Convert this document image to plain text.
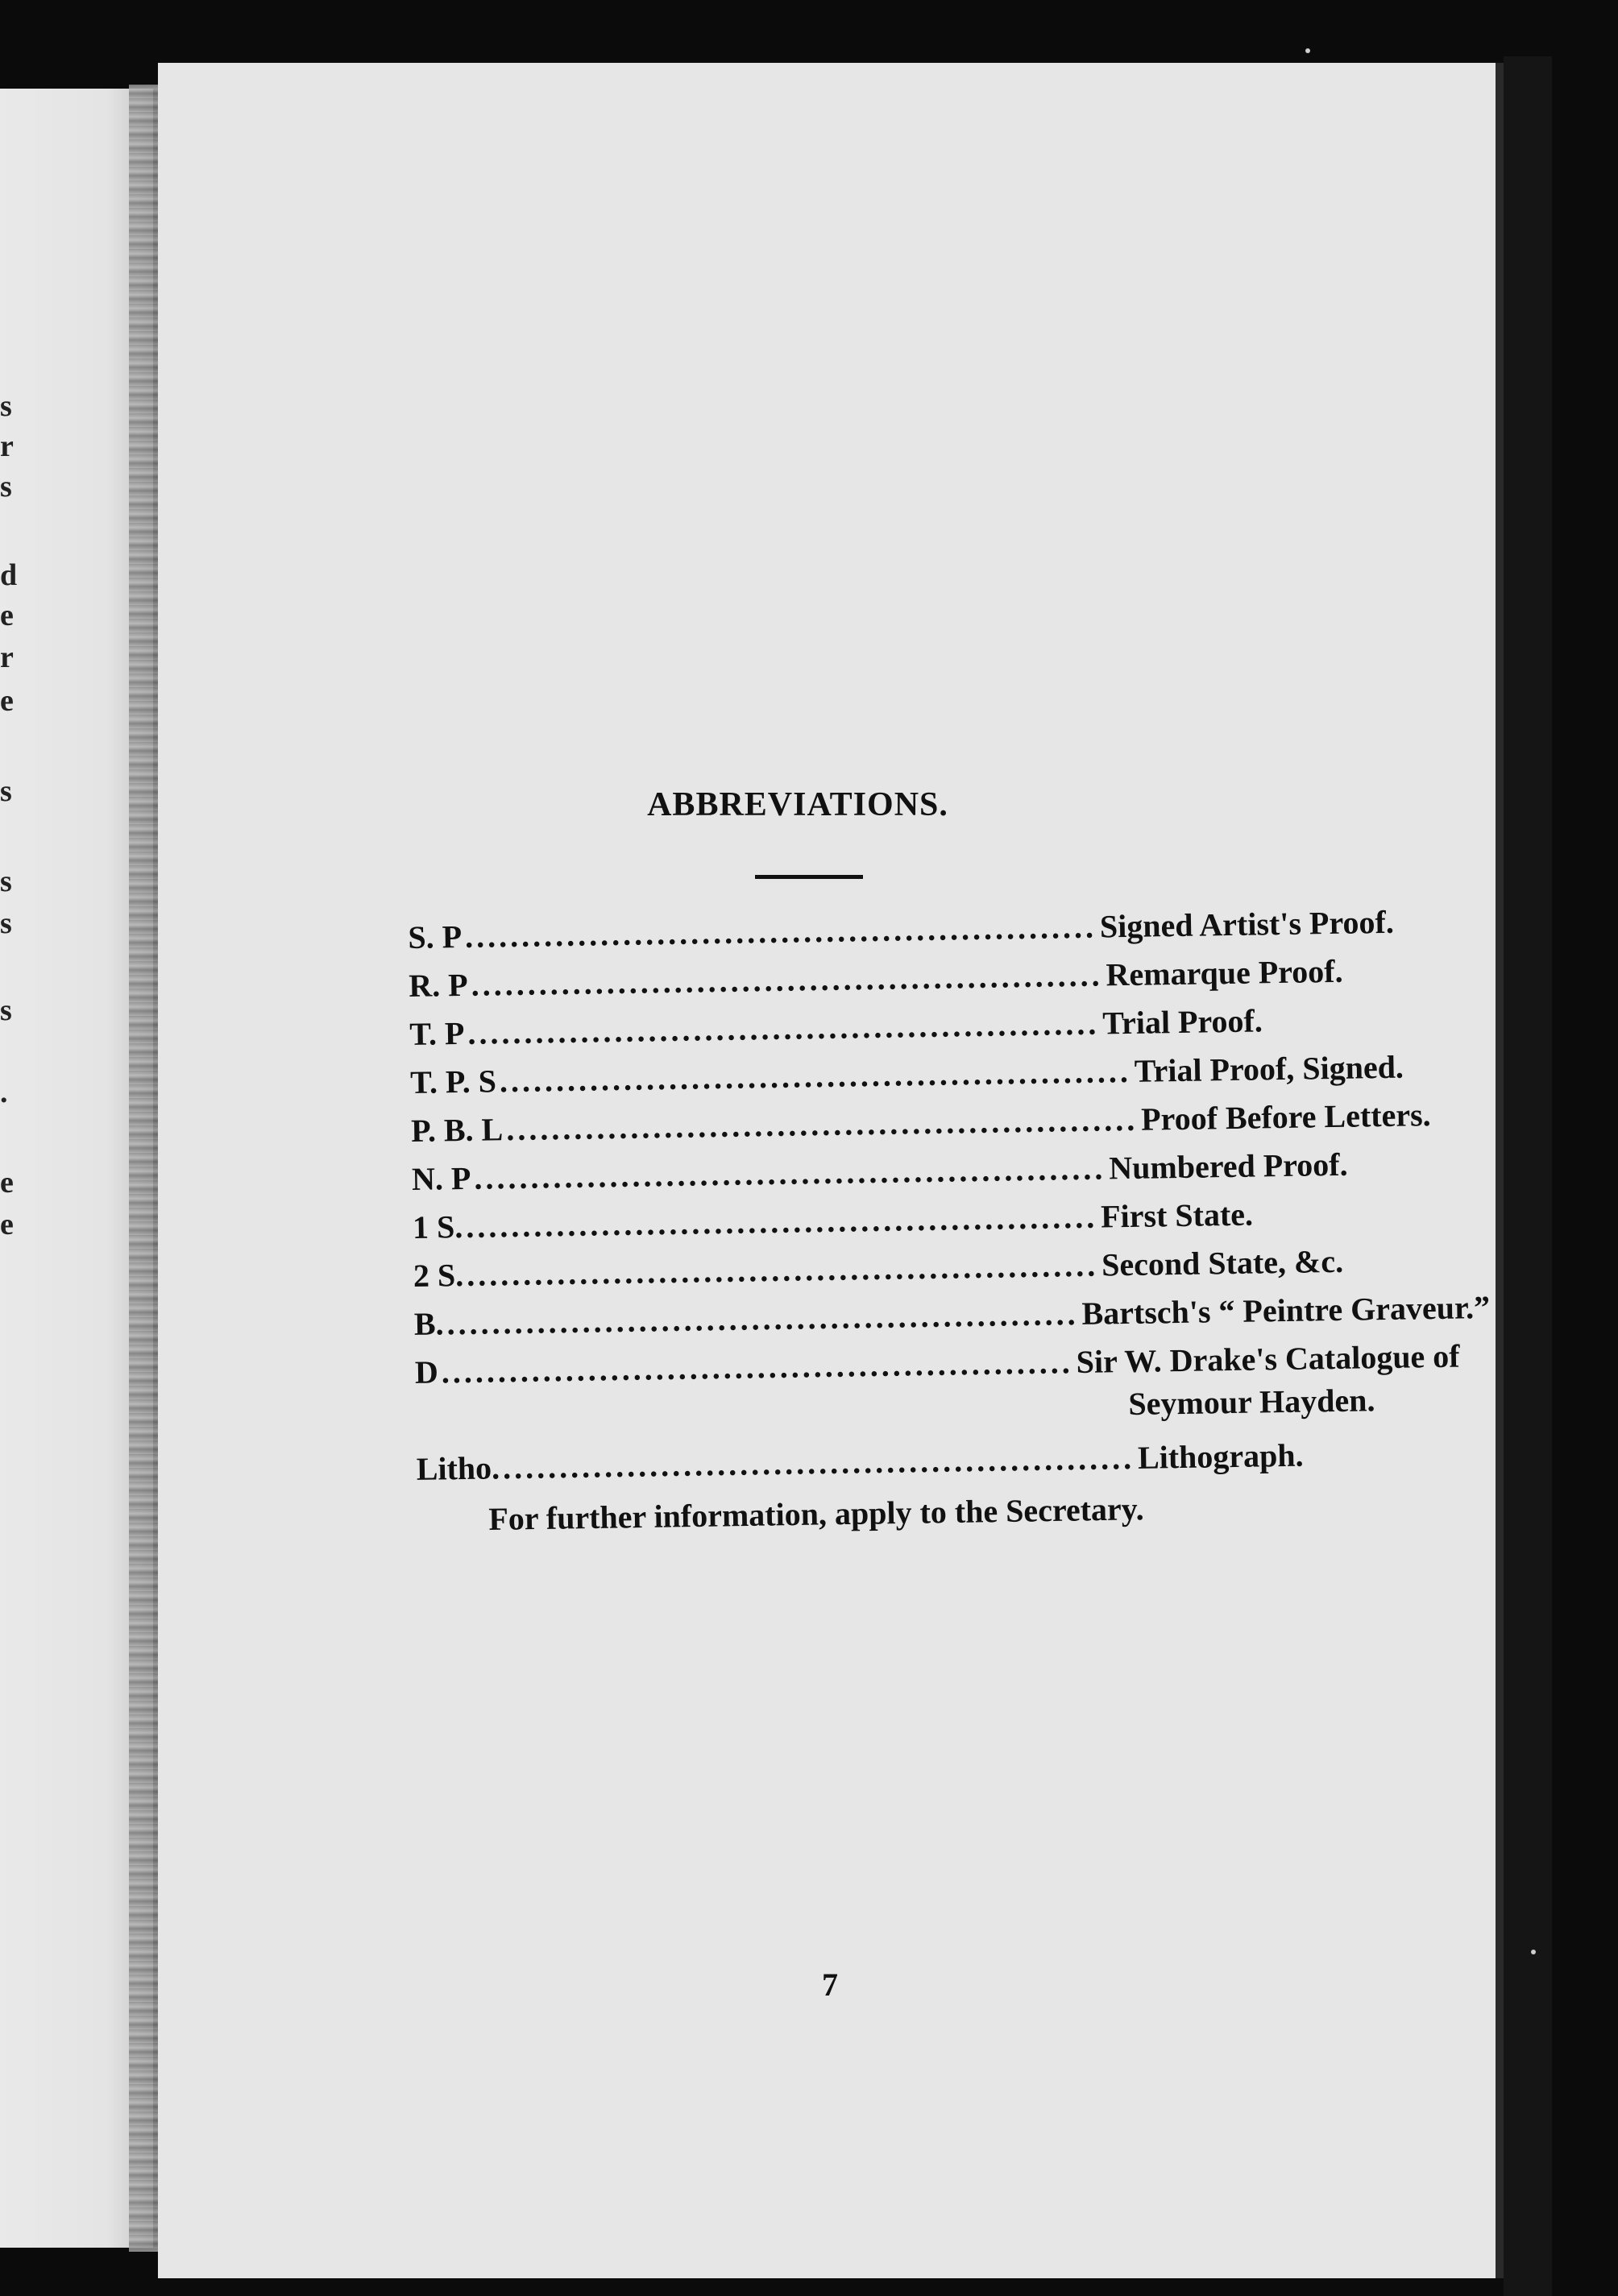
s
r
s
d
e
r
e
s
s
s
s
.
e
e
ABBREVIATIONS.
S. P ........................................................ Signed Artist's Proof.
R. P ........................................................ Remarque Proof.
T. P ........................................................ Trial Proof.
T. P. S ........................................................ Trial Proof, Signed.
P. B. L ........................................................ Proof Before Letters.
N. P ........................................................ Numbered Proof.
1 S. ........................................................ First State.
2 S. ........................................................ Second State, &c.
B. ........................................................ Bartsch's “ Peintre Graveur.”
D ........................................................ Sir W. Drake's Catalogue of
Seymour Hayden.
Litho. ........................................................ Lithograph.
For further information, apply to the Secretary.
7
